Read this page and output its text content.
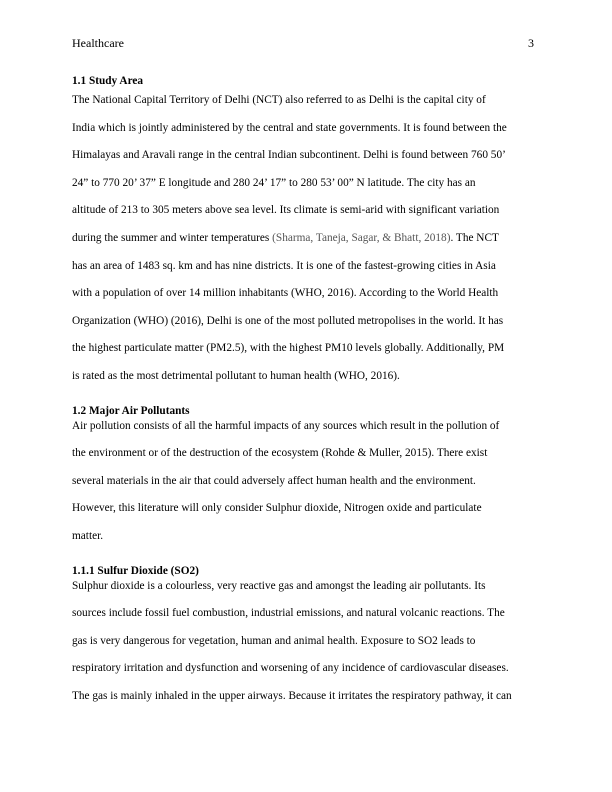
Healthcare	3
1.1 Study Area

The National Capital Territory of Delhi (NCT) also referred to as Delhi is the capital city of
India which is jointly administered by the central and state governments. It is found between the
Himalayas and Aravali range in the central Indian subcontinent. Delhi is found between 760 50’
24” to 770 20’ 37” E longitude and 280 24’ 17” to 280 53’ 00” N latitude. The city has an
altitude of 213 to 305 meters above sea level. Its climate is semi-arid with significant variation
during the summer and winter temperatures (Sharma, Taneja, Sagar, & Bhatt, 2018). The NCT
has an area of 1483 sq. km and has nine districts. It is one of the fastest-growing cities in Asia
with a population of over 14 million inhabitants (WHO, 2016). According to the World Health
Organization (WHO) (2016), Delhi is one of the most polluted metropolises in the world. It has
the highest particulate matter (PM2.5), with the highest PM10 levels globally. Additionally, PM
is rated as the most detrimental pollutant to human health (WHO, 2016).

1.2 Major Air Pollutants

Air pollution consists of all the harmful impacts of any sources which result in the pollution of
the environment or of the destruction of the ecosystem (Rohde & Muller, 2015). There exist
several materials in the air that could adversely affect human health and the environment.
However, this literature will only consider Sulphur dioxide, Nitrogen oxide and particulate
matter.

1.1.1 Sulfur Dioxide (SO2)

Sulphur dioxide is a colourless, very reactive gas and amongst the leading air pollutants. Its
sources include fossil fuel combustion, industrial emissions, and natural volcanic reactions. The
gas is very dangerous for vegetation, human and animal health. Exposure to SO2 leads to
respiratory irritation and dysfunction and worsening of any incidence of cardiovascular diseases.
The gas is mainly inhaled in the upper airways. Because it irritates the respiratory pathway, it can
